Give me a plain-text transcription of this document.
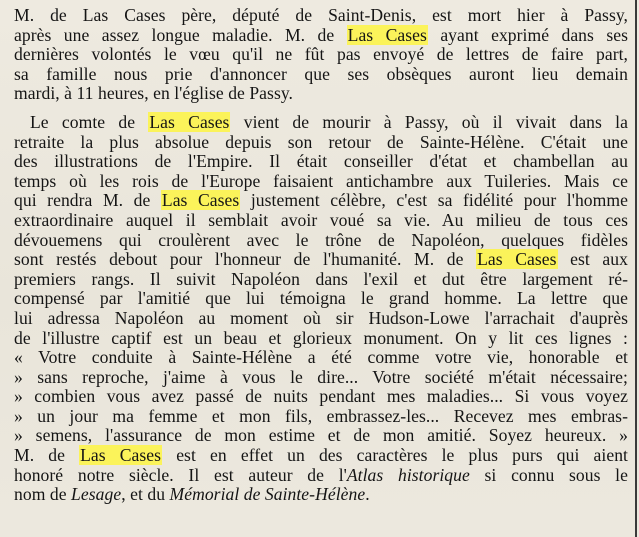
M. de Las Cases père, député de Saint-Denis, est mort hier à Passy,
après une assez longue maladie. M. de Las Cases ayant exprimé dans ses
dernières volontés le vœu qu'il ne fût pas envoyé de lettres de faire part,
sa famille nous prie d'annoncer que ses obsèques auront lieu demain
mardi, à 11 heures, en l'église de Passy.

Le comte de Las Cases vient de mourir à Passy, où il vivait dans la
retraite la plus absolue depuis son retour de Sainte-Hélène. C'était une
des illustrations de l'Empire. Il était conseiller d'état et chambellan au
temps où les rois de l'Europe faisaient antichambre aux Tuileries. Mais ce
qui rendra M. de Las Cases justement célèbre, c'est sa fidélité pour l'homme
extraordinaire auquel il semblait avoir voué sa vie. Au milieu de tous ces
dévouemens qui croulèrent avec le trône de Napoléon, quelques fidèles
sont restés debout pour l'honneur de l'humanité. M. de Las Cases est aux
premiers rangs. Il suivit Napoléon dans l'exil et dut être largement ré-
compensé par l'amitié que lui témoigna le grand homme. La lettre que
lui adressa Napoléon au moment où sir Hudson-Lowe l'arrachait d'auprès
de l'illustre captif est un beau et glorieux monument. On y lit ces lignes :
« Votre conduite à Sainte-Hélène a été comme votre vie, honorable et
» sans reproche, j'aime à vous le dire... Votre société m'était nécessaire;
» combien vous avez passé de nuits pendant mes maladies... Si vous voyez
» un jour ma femme et mon fils, embrassez-les... Recevez mes embras-
» semens, l'assurance de mon estime et de mon amitié. Soyez heureux. »
M. de Las Cases est en effet un des caractères le plus purs qui aient
honoré notre siècle. Il est auteur de l'Atlas historique si connu sous le
nom de Lesage, et du Mémorial de Sainte-Hélène.
